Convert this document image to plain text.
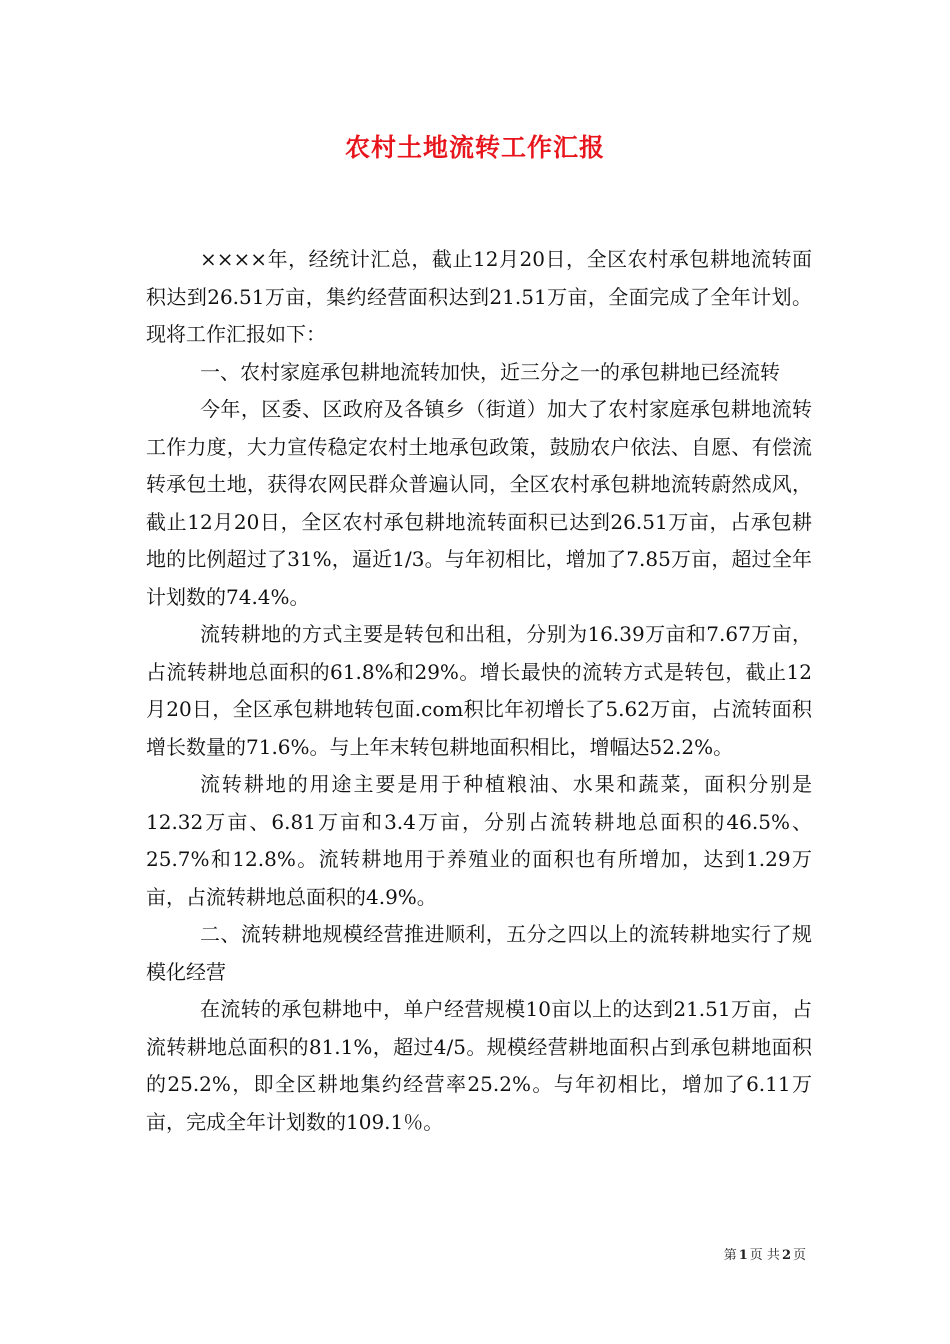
农村土地流转工作汇报

××××年，经统计汇总，截止12月20日，全区农村承包耕地流转面积达到26.51万亩，集约经营面积达到21.51万亩，全面完成了全年计划。现将工作汇报如下：

一、农村家庭承包耕地流转加快，近三分之一的承包耕地已经流转

今年，区委、区政府及各镇乡（街道）加大了农村家庭承包耕地流转工作力度，大力宣传稳定农村土地承包政策，鼓励农户依法、自愿、有偿流转承包土地，获得农网民群众普遍认同，全区农村承包耕地流转蔚然成风，截止12月20日，全区农村承包耕地流转面积已达到26.51万亩，占承包耕地的比例超过了31%，逼近1/3。与年初相比，增加了7.85万亩，超过全年计划数的74.4%。

流转耕地的方式主要是转包和出租，分别为16.39万亩和7.67万亩，占流转耕地总面积的61.8%和29%。增长最快的流转方式是转包，截止12月20日，全区承包耕地转包面.com积比年初增长了5.62万亩，占流转面积增长数量的71.6%。与上年末转包耕地面积相比，增幅达52.2%。

流转耕地的用途主要是用于种植粮油、水果和蔬菜，面积分别是12.32万亩、6.81万亩和3.4万亩，分别占流转耕地总面积的46.5%、25.7%和12.8%。流转耕地用于养殖业的面积也有所增加，达到1.29万亩，占流转耕地总面积的4.9%。

二、流转耕地规模经营推进顺利，五分之四以上的流转耕地实行了规模化经营

在流转的承包耕地中，单户经营规模10亩以上的达到21.51万亩，占流转耕地总面积的81.1%，超过4/5。规模经营耕地面积占到承包耕地面积的25.2%，即全区耕地集约经营率25.2%。与年初相比，增加了6.11万亩，完成全年计划数的109.1％。

第 1 页 共 2 页
